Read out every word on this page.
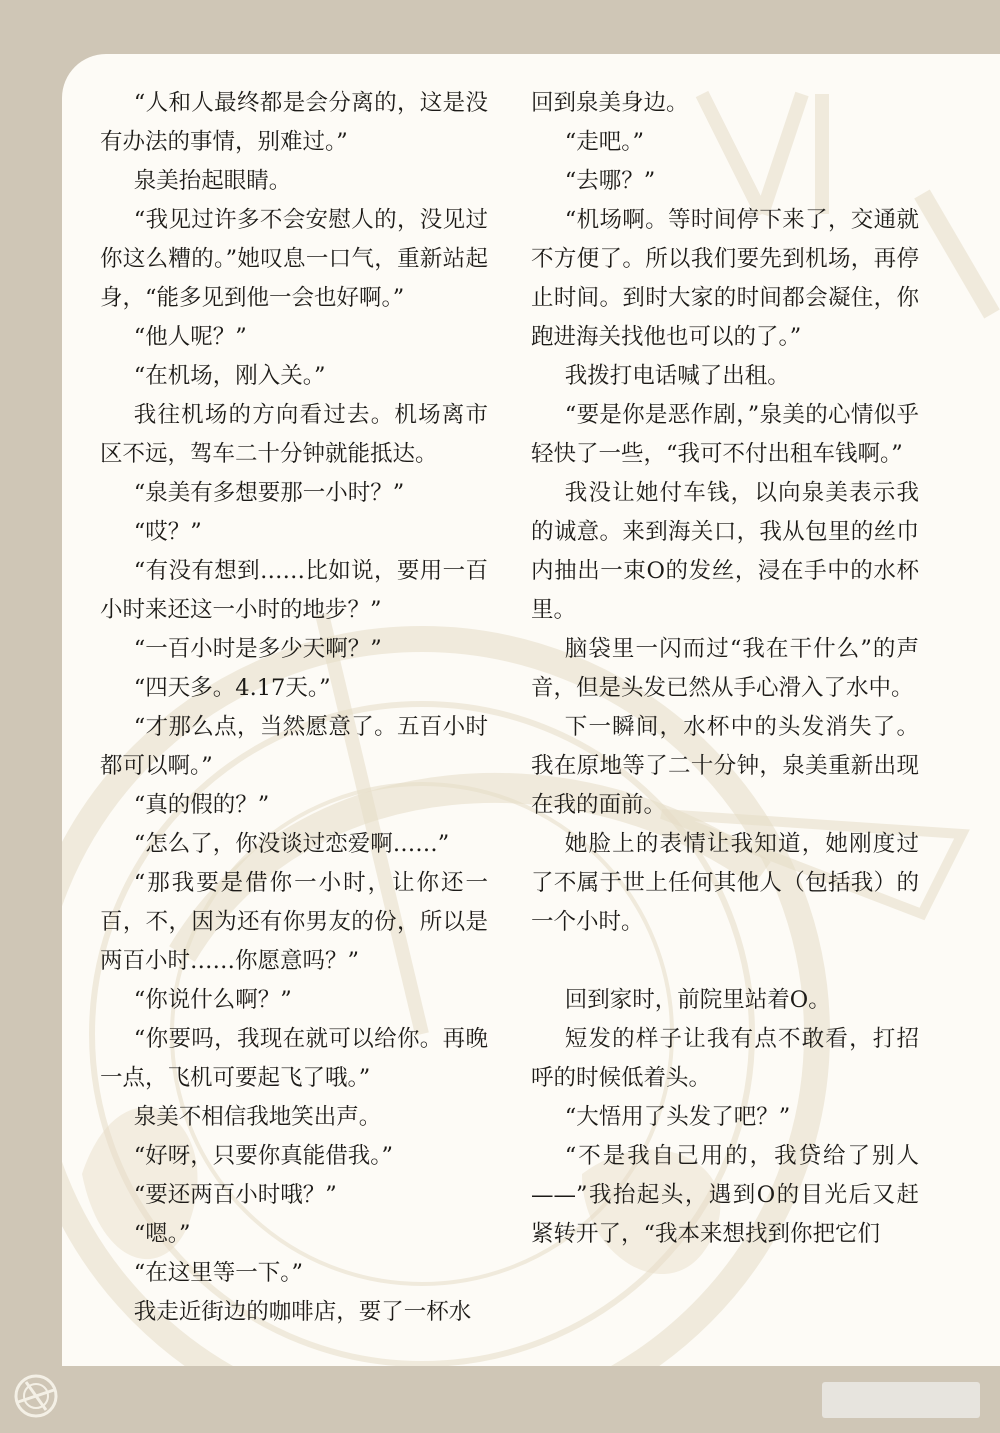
“人和人最终都是会分离的，这是没有办法的事情，别难过。”

泉美抬起眼睛。

“我见过许多不会安慰人的，没见过你这么糟的。”她叹息一口气，重新站起身，“能多见到他一会也好啊。”

“他人呢？”

“在机场，刚入关。”

我往机场的方向看过去。机场离市区不远，驾车二十分钟就能抵达。

“泉美有多想要那一小时？”

“哎？”

“有没有想到……比如说，要用一百小时来还这一小时的地步？”

“一百小时是多少天啊？”

“四天多。4.17天。”

“才那么点，当然愿意了。五百小时都可以啊。”

“真的假的？”

“怎么了，你没谈过恋爱啊……”

“那我要是借你一小时，让你还一百，不，因为还有你男友的份，所以是两百小时……你愿意吗？”

“你说什么啊？”

“你要吗，我现在就可以给你。再晚一点，飞机可要起飞了哦。”

泉美不相信我地笑出声。

“好呀，只要你真能借我。”

“要还两百小时哦？”

“嗯。”

“在这里等一下。”

我走近街边的咖啡店，要了一杯水

回到泉美身边。

“走吧。”

“去哪？”

“机场啊。等时间停下来了，交通就不方便了。所以我们要先到机场，再停止时间。到时大家的时间都会凝住，你跑进海关找他也可以的了。”

我拨打电话喊了出租。

“要是你是恶作剧，”泉美的心情似乎轻快了一些，“我可不付出租车钱啊。”

我没让她付车钱，以向泉美表示我的诚意。来到海关口，我从包里的丝巾内抽出一束O的发丝，浸在手中的水杯里。

脑袋里一闪而过“我在干什么”的声音，但是头发已然从手心滑入了水中。

下一瞬间，水杯中的头发消失了。我在原地等了二十分钟，泉美重新出现在我的面前。

她脸上的表情让我知道，她刚度过了不属于世上任何其他人（包括我）的一个小时。

回到家时，前院里站着O。

短发的样子让我有点不敢看，打招呼的时候低着头。

“大悟用了头发了吧？”

“不是我自己用的，我贷给了别人——”我抬起头，遇到O的目光后又赶紧转开了，“我本来想找到你把它们
